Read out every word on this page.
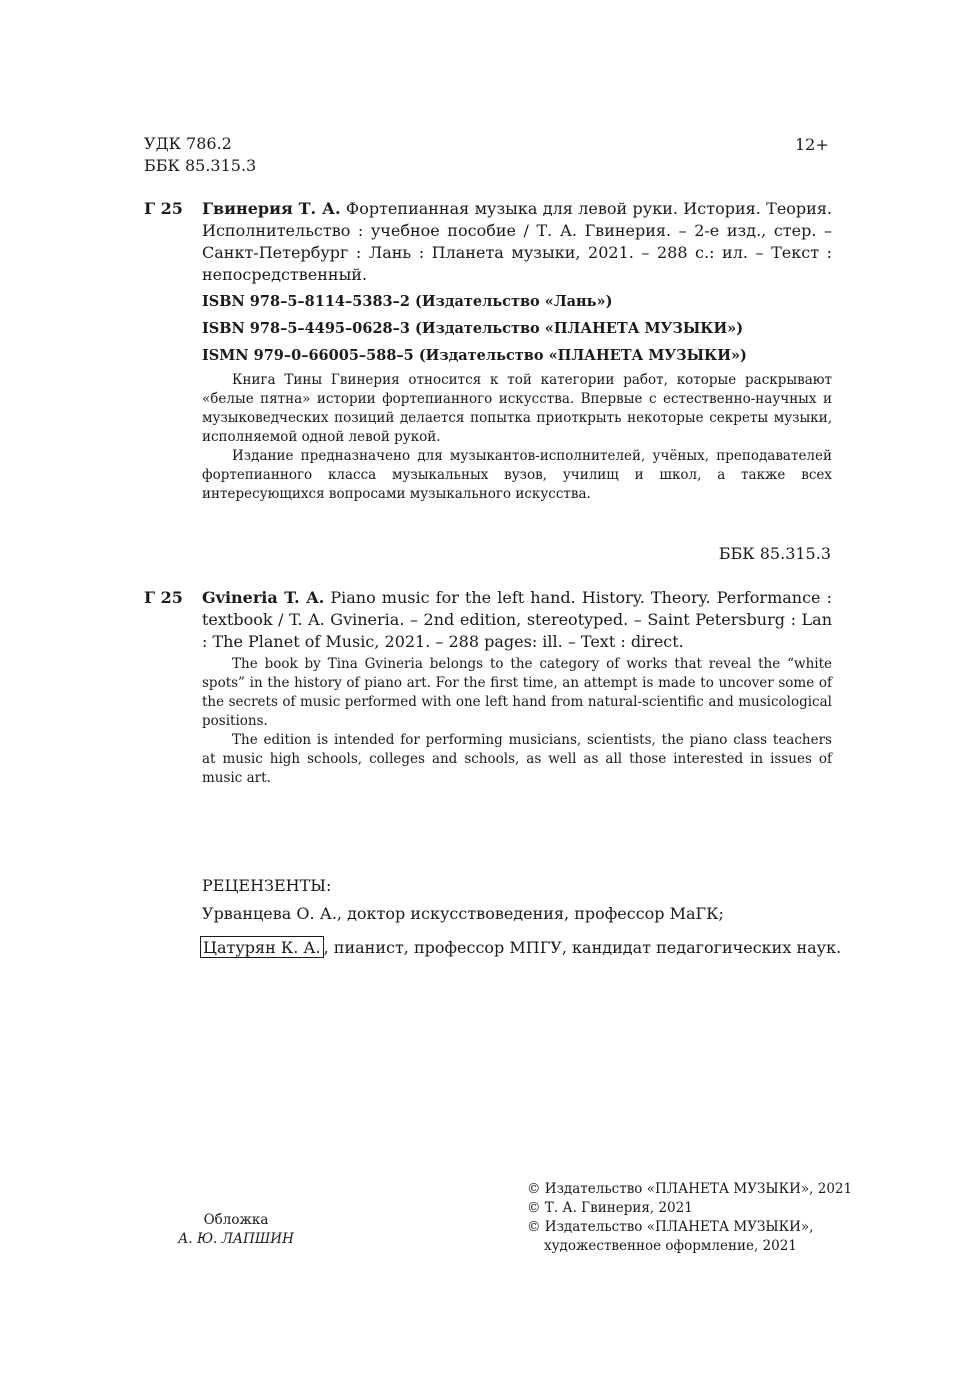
УДК 786.2
ББК 85.315.3
12+
Г 25 Гвинерия Т. А. Фортепианная музыка для левой руки. История. Теория. Исполнительство : учебное пособие / Т. А. Гвинерия. – 2-е изд., стер. – Санкт-Петербург : Лань : Планета музыки, 2021. – 288 с.: ил. – Текст : непосредственный.
ISBN 978–5–8114–5383–2 (Издательство «Лань»)
ISBN 978–5–4495–0628–3 (Издательство «ПЛАНЕТА МУЗЫКИ»)
ISMN 979–0–66005–588–5 (Издательство «ПЛАНЕТА МУЗЫКИ»)
Книга Тины Гвинерия относится к той категории работ, которые раскрывают «белые пятна» истории фортепианного искусства. Впервые с естественно-научных и музыковедческих позиций делается попытка приоткрыть некоторые секреты музыки, исполняемой одной левой рукой.
Издание предназначено для музыкантов-исполнителей, учёных, преподавателей фортепианного класса музыкальных вузов, училищ и школ, а также всех интересующихся вопросами музыкального искусства.
ББК 85.315.3
Г 25 Gvineria T. A. Piano music for the left hand. History. Theory. Performance : textbook / T. A. Gvineria. – 2nd edition, stereotyped. – Saint Petersburg : Lan : The Planet of Music, 2021. – 288 pages: ill. – Text : direct.
The book by Tina Gvineria belongs to the category of works that reveal the “white spots” in the history of piano art. For the first time, an attempt is made to uncover some of the secrets of music performed with one left hand from natural-scientific and musicological positions.
The edition is intended for performing musicians, scientists, the piano class teachers at music high schools, colleges and schools, as well as all those interested in issues of music art.
РЕЦЕНЗЕНТЫ:
Урванцева О. А., доктор искусствоведения, профессор МаГК;
Цатурян К. А. , пианист, профессор МПГУ, кандидат педагогических наук.
Обложка
А. Ю. ЛАПШИН
© Издательство «ПЛАНЕТА МУЗЫКИ», 2021
© Т. А. Гвинерия, 2021
© Издательство «ПЛАНЕТА МУЗЫКИ»,
художественное оформление, 2021
